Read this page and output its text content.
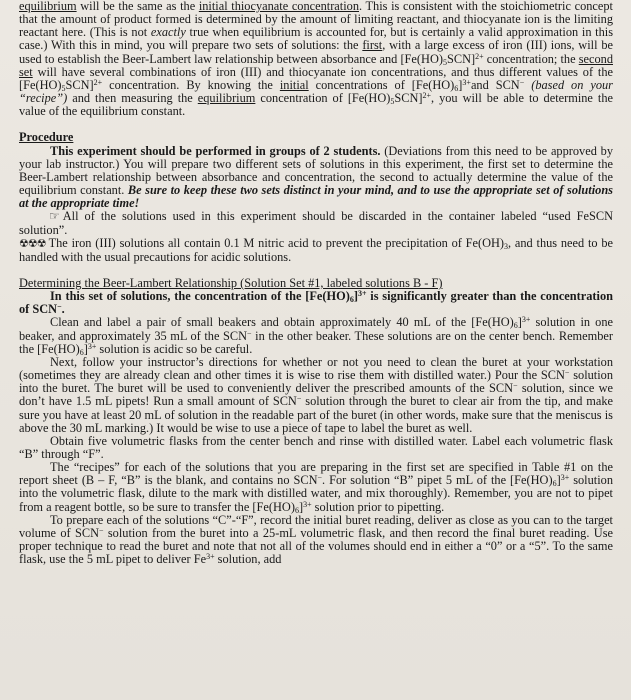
equilibrium will be the same as the initial thiocyanate concentration. This is consistent with the stoichiometric concept that the amount of product formed is determined by the amount of limiting reactant, and thiocyanate ion is the limiting reactant here. (This is not exactly true when equilibrium is accounted for, but is certainly a valid approximation in this case.) With this in mind, you will prepare two sets of solutions: the first, with a large excess of iron (III) ions, will be used to establish the Beer-Lambert law relationship between absorbance and $[Fe(HO)_5SCN]^{2+}$ concentration; the second set will have several combinations of iron (III) and thiocyanate ion concentrations, and thus different values of the $[Fe(HO)_5SCN]^{2+}$ concentration. By knowing the initial concentrations of $[Fe(HO)_6]^{3+}and$ SCN− (based on your “recipe”) and then measuring the equilibrium concentration of $[Fe(HO)_5SCN]^{2+}$, you will be able to determine the value of the equilibrium constant.

Procedure

This experiment should be performed in groups of 2 students. (Deviations from this need to be approved by your lab instructor.) You will prepare two different sets of solutions in this experiment, the first set to determine the Beer-Lambert relationship between absorbance and concentration, the second to actually determine the value of the equilibrium constant. Be sure to keep these two sets distinct in your mind, and to use the appropriate set of solutions at the appropriate time!

☞ All of the solutions used in this experiment should be discarded in the container labeled “used FeSCN solution”.

☢☢☢ The iron (III) solutions all contain 0.1 M nitric acid to prevent the precipitation of $Fe(OH)_3$, and thus need to be handled with the usual precautions for acidic solutions.

Determining the Beer-Lambert Relationship (Solution Set #1, labeled solutions B - F)

In this set of solutions, the concentration of the $[Fe(HO)_6]^{3+}$ is significantly greater than the concentration of SCN−.

Clean and label a pair of small beakers and obtain approximately 40 mL of the $[Fe(HO)_6]^{3+}$ solution in one beaker, and approximately 35 mL of the SCN− in the other beaker. These solutions are on the center bench. Remember the $[Fe(HO)_6]^{3+}$ solution is acidic so be careful.

Next, follow your instructor’s directions for whether or not you need to clean the buret at your workstation (sometimes they are already clean and other times it is wise to rise them with distilled water.) Pour the SCN− solution into the buret. The buret will be used to conveniently deliver the prescribed amounts of the SCN− solution, since we don’t have 1.5 mL pipets! Run a small amount of SCN− solution through the buret to clear air from the tip, and make sure you have at least 20 mL of solution in the readable part of the buret (in other words, make sure that the meniscus is above the 30 mL marking.) It would be wise to use a piece of tape to label the buret as well.

Obtain five volumetric flasks from the center bench and rinse with distilled water. Label each volumetric flask “B” through “F”.

The “recipes” for each of the solutions that you are preparing in the first set are specified in Table #1 on the report sheet (B – F, “B” is the blank, and contains no SCN−. For solution “B” pipet 5 mL of the $[Fe(HO)_6]^{3+}$ solution into the volumetric flask, dilute to the mark with distilled water, and mix thoroughly). Remember, you are not to pipet from a reagent bottle, so be sure to transfer the $[Fe(HO)_6]^{3+}$ solution prior to pipetting.

To prepare each of the solutions “C”-“F”, record the initial buret reading, deliver as close as you can to the target volume of SCN− solution from the buret into a 25-mL volumetric flask, and then record the final buret reading. Use proper technique to read the buret and note that not all of the volumes should end in either a “0” or a “5”. To the same flask, use the 5 mL pipet to deliver $Fe^{3+}$ solution, add
